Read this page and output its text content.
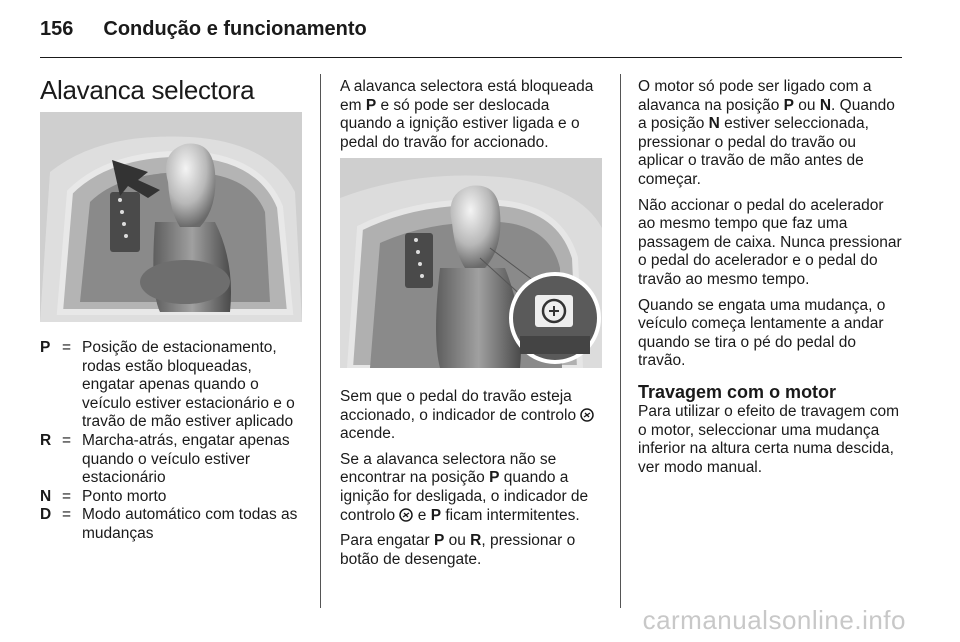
156 Condução e funcionamento
Alavanca selectora
P = Posição de estacionamento, rodas estão bloqueadas, engatar apenas quando o veículo estiver estacionário e o travão de mão estiver aplicado
R = Marcha-atrás, engatar apenas quando o veículo estiver estacionário
N = Ponto morto
D = Modo automático com todas as mudanças

A alavanca selectora está bloqueada em P e só pode ser deslocada quando a ignição estiver ligada e o pedal do travão for accionado.

Sem que o pedal do travão esteja accionado, o indicador de controlo  acende.

Se a alavanca selectora não se encontrar na posição P quando a ignição for desligada, o indicador de controlo  e P ficam intermitentes.

Para engatar P ou R, pressionar o botão de desengate.

O motor só pode ser ligado com a alavanca na posição P ou N. Quando a posição N estiver seleccionada, pressionar o pedal do travão ou aplicar o travão de mão antes de começar.

Não accionar o pedal do acelerador ao mesmo tempo que faz uma passagem de caixa. Nunca pressionar o pedal do acelerador e o pedal do travão ao mesmo tempo.

Quando se engata uma mudança, o veículo começa lentamente a andar quando se tira o pé do pedal do travão.

Travagem com o motor

Para utilizar o efeito de travagem com o motor, seleccionar uma mudança inferior na altura certa numa descida, ver modo manual.

carmanualsonline.info
